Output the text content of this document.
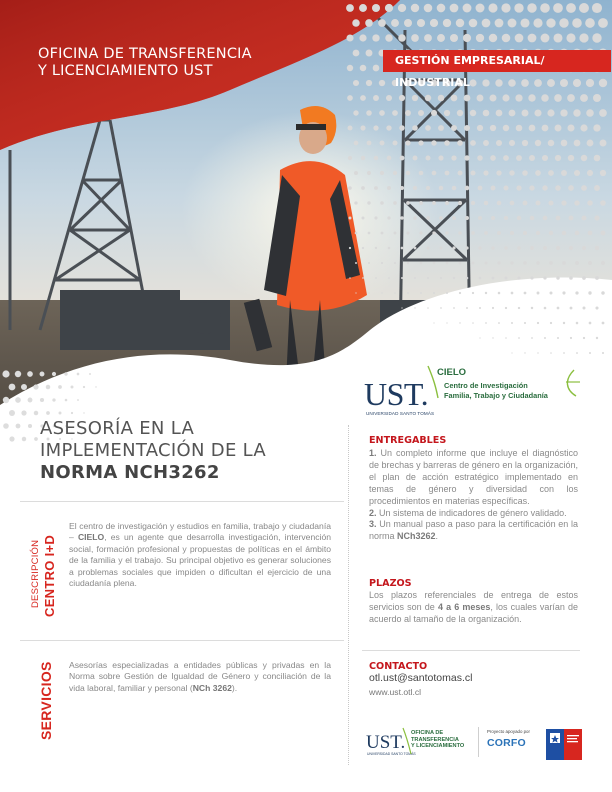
OFICINA DE TRANSFERENCIA
Y LICENCIAMIENTO UST
GESTIÓN EMPRESARIAL/ INDUSTRIAL
UST.
UNIVERSIDAD SANTO TOMÁS
CIELO
Centro de Investigación
Familia, Trabajo y Ciudadanía
ASESORÍA EN LA
IMPLEMENTACIÓN DE LA
NORMA NCH3262
DESCRIPCIÓN CENTRO I+D

El centro de investigación y estudios en familia, trabajo y ciudadanía – CIELO, es un agente que desarrolla investigación, intervención social, formación profesional y propuestas de políticas en el ámbito de la familia y el trabajo. Su principal objetivo es generar soluciones a problemas sociales que impiden o dificultan el ejercicio de una ciudadanía plena.

SERVICIOS Asesorías especializadas a entidades públicas y privadas en la Norma sobre Gestión de Igualdad de Género y conciliación de la vida laboral, familiar y personal (NCh 3262).

ENTREGABLES
1. Un completo informe que incluye el diagnóstico de brechas y barreras de género en la organización, el plan de acción estratégico implementado en temas de género y diversidad con los procedimientos en materias específicas.
2. Un sistema de indicadores de género validado.
3. Un manual paso a paso para la certificación en la norma NCh3262.
PLAZOS

Los plazos referenciales de entrega de estos servicios son de 4 a 6 meses, los cuales varían de acuerdo al tamaño de la organización.

CONTACTO
otl.ust@santotomas.cl
www.ust.otl.cl
UST.
UNIVERSIDAD SANTO TOMÁS
OFICINA DE
TRANSFERENCIA
Y LICENCIAMIENTO
Proyecto apoyado por
CORFO
